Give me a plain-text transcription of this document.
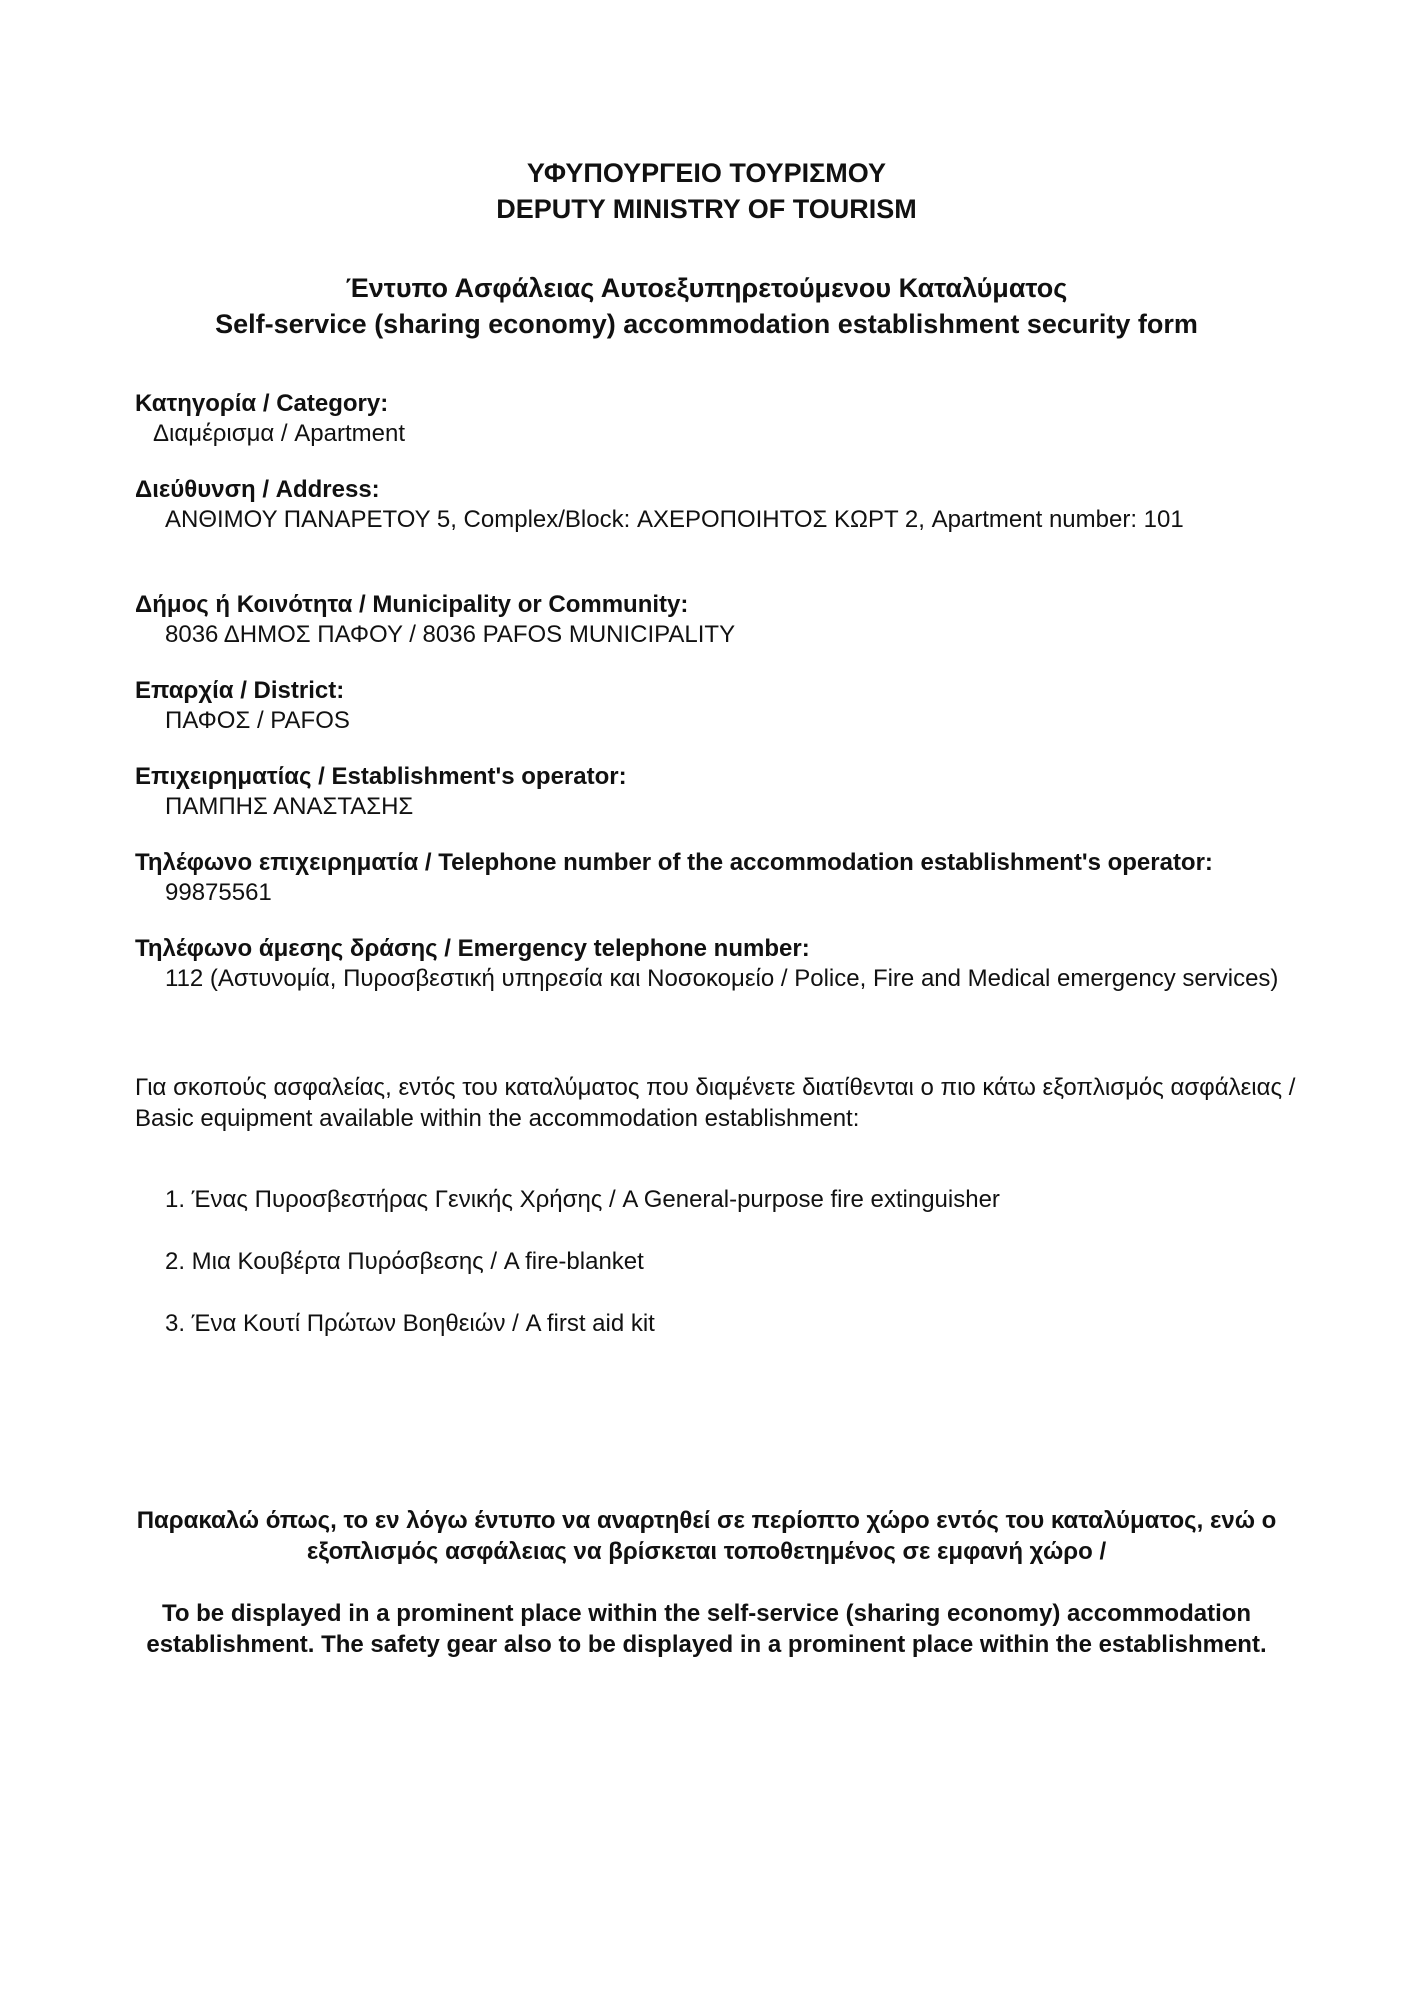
ΥΦΥΠΟΥΡΓΕΙΟ ΤΟΥΡΙΣΜΟΥ
DEPUTY MINISTRY OF TOURISM
Έντυπο Ασφάλειας Αυτοεξυπηρετούμενου Καταλύματος
Self-service (sharing economy) accommodation establishment security form
Κατηγορία / Category:
Διαμέρισμα / Apartment
Διεύθυνση / Address:
ΑΝΘΙΜΟΥ ΠΑΝΑΡΕΤΟΥ 5, Complex/Block: ΑΧΕΡΟΠΟΙΗΤΟΣ ΚΩΡΤ 2, Apartment number: 101
Δήμος ή Κοινότητα / Municipality or Community:
8036 ΔΗΜΟΣ ΠΑΦΟΥ / 8036 PAFOS MUNICIPALITY
Επαρχία / District:
ΠΑΦΟΣ / PAFOS
Επιχειρηματίας / Establishment's operator:
ΠΑΜΠΗΣ ΑΝΑΣΤΑΣΗΣ
Τηλέφωνο επιχειρηματία / Telephone number of the accommodation establishment's operator:
99875561
Τηλέφωνο άμεσης δράσης / Emergency telephone number:
112 (Αστυνομία, Πυροσβεστική υπηρεσία και Νοσοκομείο / Police, Fire and Medical emergency services)
Για σκοπούς ασφαλείας, εντός του καταλύματος που διαμένετε διατίθενται ο πιο κάτω εξοπλισμός ασφάλειας / Basic equipment available within the accommodation establishment:
1. Ένας Πυροσβεστήρας Γενικής Χρήσης / A General-purpose fire extinguisher
2. Μια Κουβέρτα Πυρόσβεσης / A fire-blanket
3. Ένα Κουτί Πρώτων Βοηθειών / A first aid kit
Παρακαλώ όπως, το εν λόγω έντυπο να αναρτηθεί σε περίοπτο χώρο εντός του καταλύματος, ενώ ο εξοπλισμός ασφάλειας να βρίσκεται τοποθετημένος σε εμφανή χώρο /
To be displayed in a prominent place within the self-service (sharing economy) accommodation establishment. The safety gear also to be displayed in a prominent place within the establishment.
